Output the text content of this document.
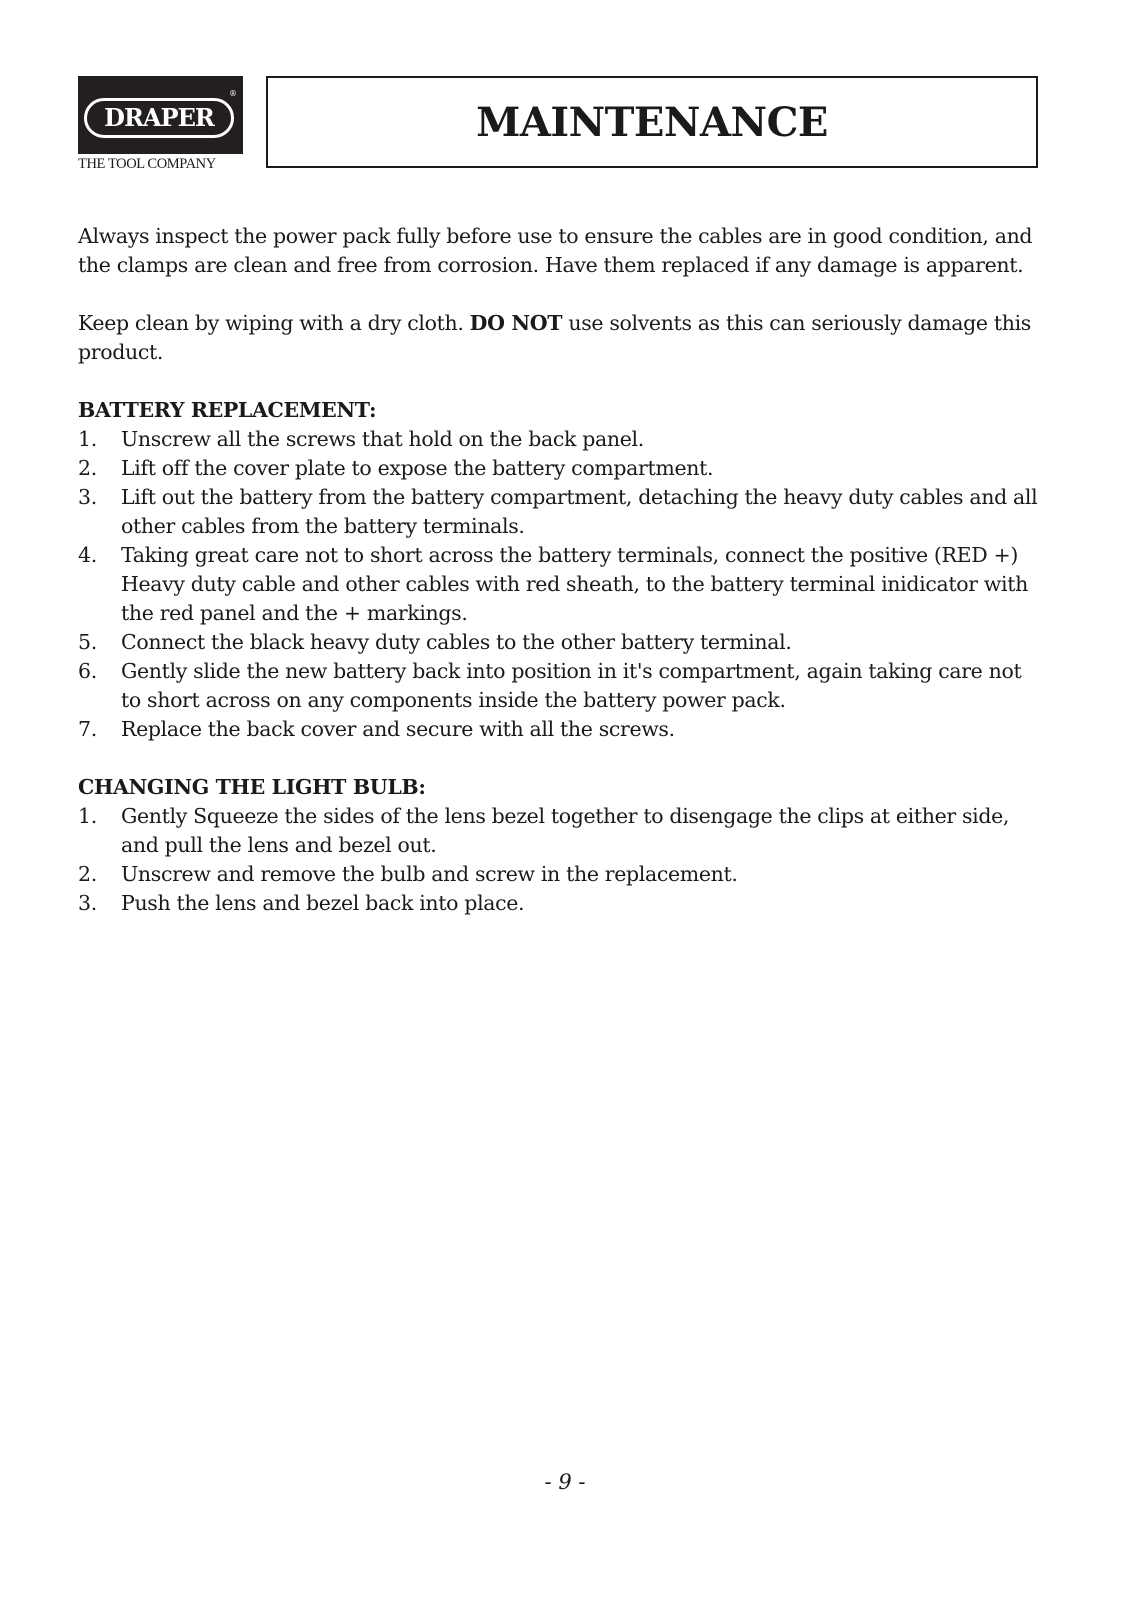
®
DRAPER
THE TOOL COMPANY
MAINTENANCE

Always inspect the power pack fully before use to ensure the cables are in good condition, and the clamps are clean and free from corrosion. Have them replaced if any damage is apparent.

Keep clean by wiping with a dry cloth. DO NOT use solvents as this can seriously damage this product.

BATTERY REPLACEMENT:
1.	Unscrew all the screws that hold on the back panel.
2.	Lift off the cover plate to expose the battery compartment.
3.	Lift out the battery from the battery compartment, detaching the heavy duty cables and all other cables from the battery terminals.
4.	Taking great care not to short across the battery terminals, connect the positive (RED +) Heavy duty cable and other cables with red sheath, to the battery terminal inidicator with the red panel and the + markings.
5.	Connect the black heavy duty cables to the other battery terminal.
6.	Gently slide the new battery back into position in it's compartment, again taking care not to short across on any components inside the battery power pack.
7.	Replace the back cover and secure with all the screws.
CHANGING THE LIGHT BULB:
1.	Gently Squeeze the sides of the lens bezel together to disengage the clips at either side, and pull the lens and bezel out.
2.	Unscrew and remove the bulb and screw in the replacement.
3.	Push the lens and bezel back into place.
- 9 -
